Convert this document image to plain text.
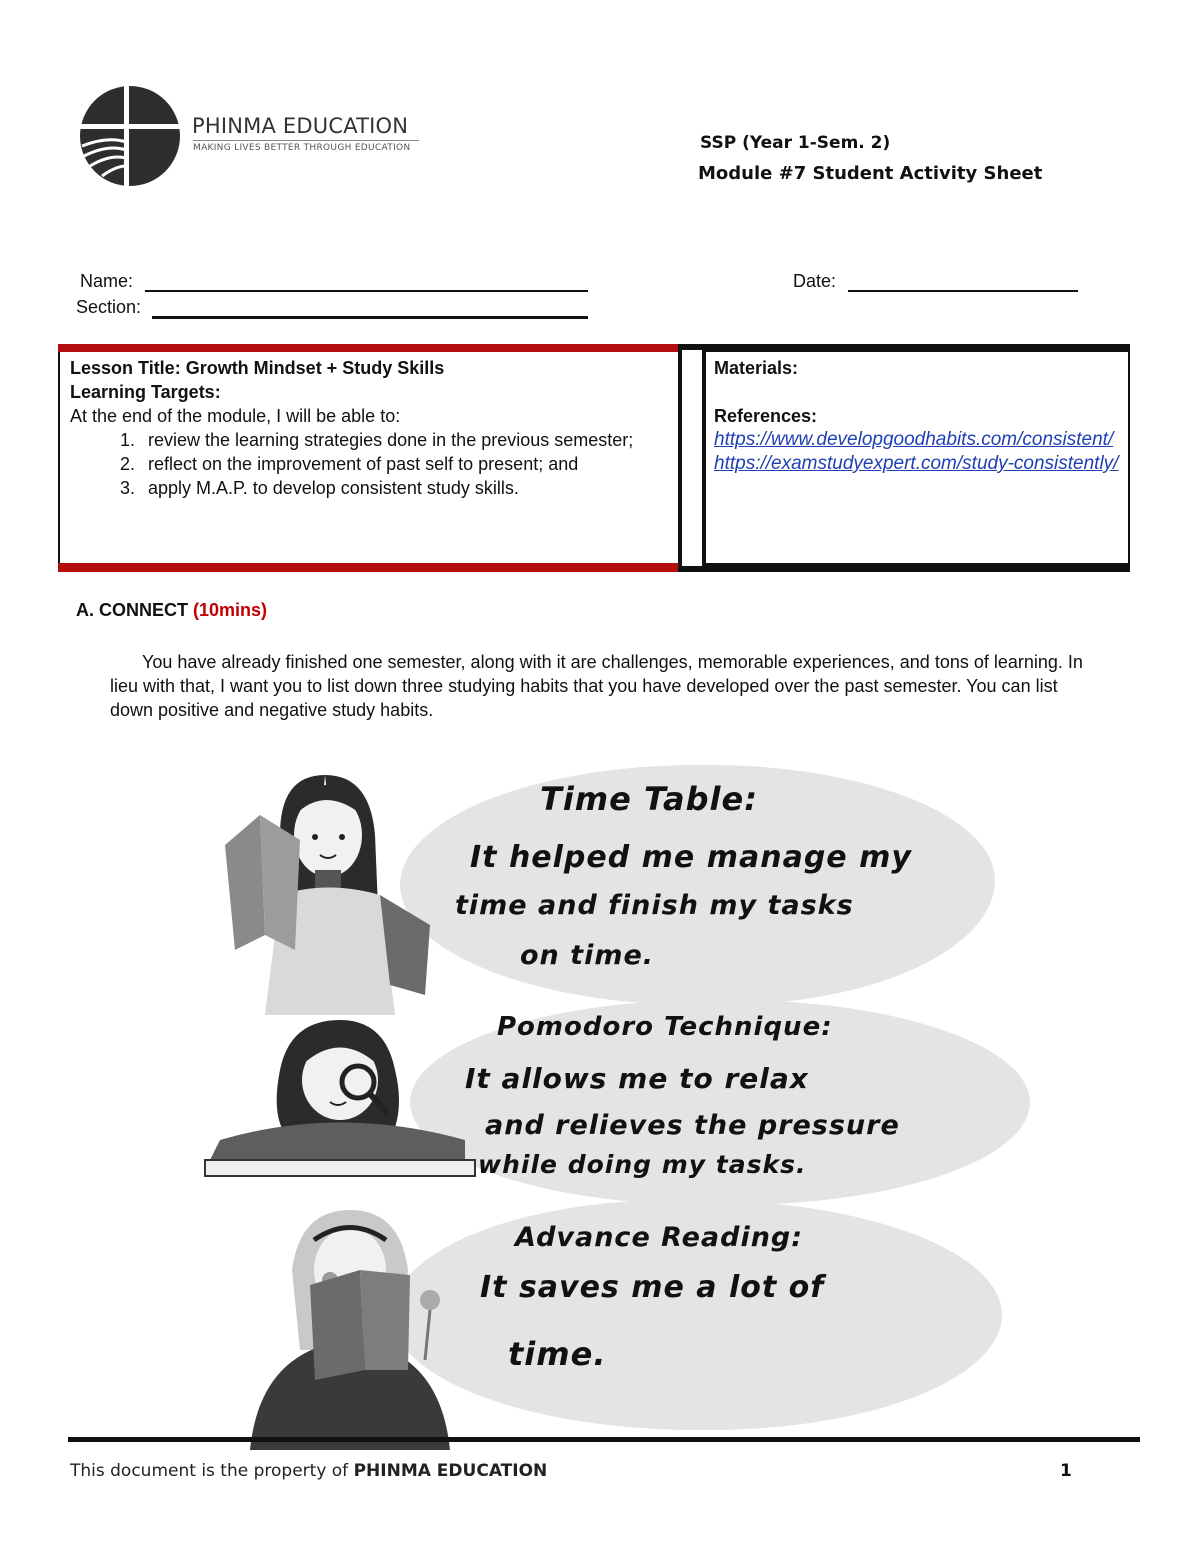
PHINMA EDUCATION
MAKING LIVES BETTER THROUGH EDUCATION	SSP (Year 1-Sem. 2)
Module #7 Student Activity Sheet
Name:
Section:
Date:
Lesson Title: Growth Mindset + Study Skills
Learning Targets:
At the end of the module, I will be able to:
1. review the learning strategies done in the previous semester;
2. reflect on the improvement of past self to present; and
3. apply M.A.P. to develop consistent study skills.
Materials:
References:
https://www.developgoodhabits.com/consistent/
https://examstudyexpert.com/study-consistently/
A. CONNECT (10mins)
You have already finished one semester, along with it are challenges, memorable experiences, and tons of learning. In lieu with that, I want you to list down three studying habits that you have developed over the past semester. You can list down positive and negative study habits.
Time Table:
It helped me manage my
time and finish my tasks
on time.
Pomodoro Technique:
It allows me to relax
and relieves the pressure
while doing my tasks.
Advance Reading:
It saves me a lot of
time.
This document is the property of PHINMA EDUCATION	1
